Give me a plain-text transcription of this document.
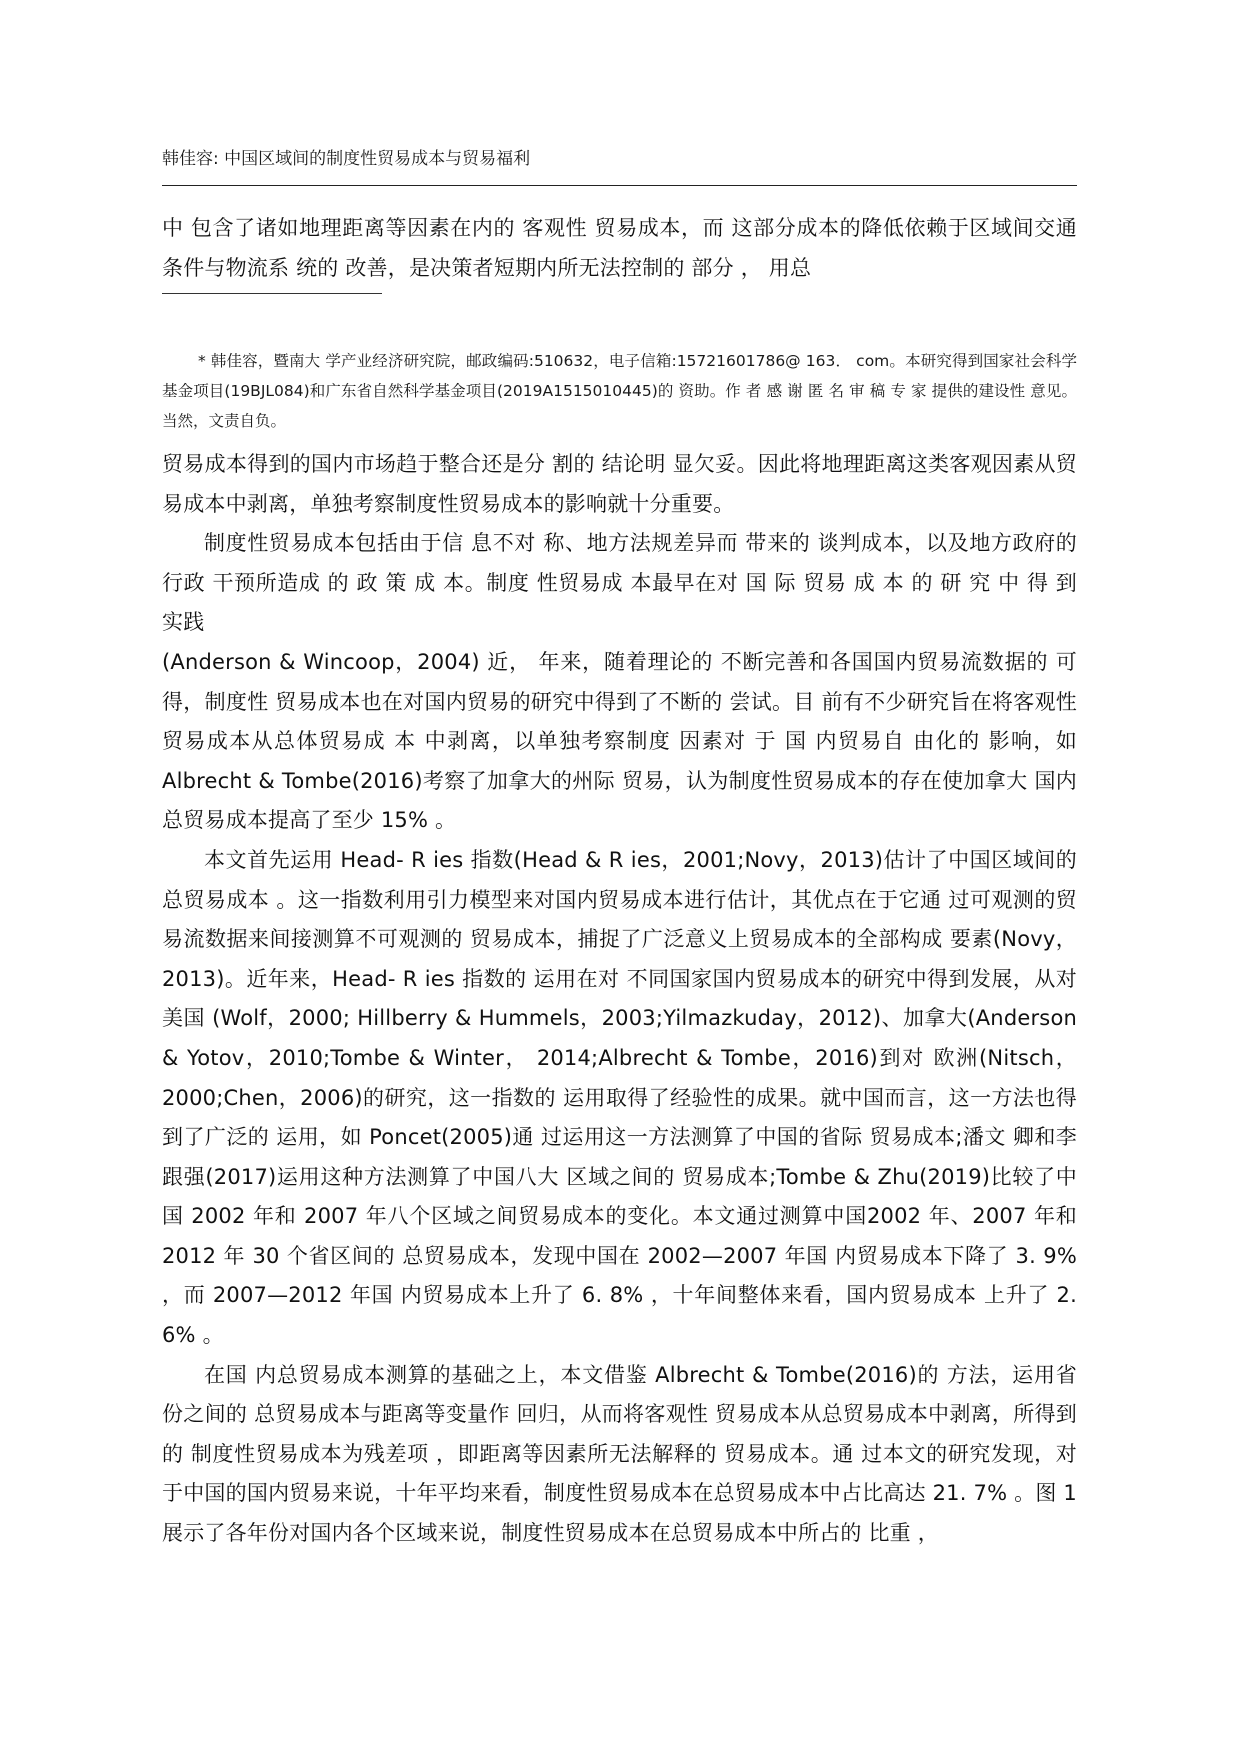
韩佳容: 中国区域间的制度性贸易成本与贸易福利

中 包含了诸如地理距离等因素在内的 客观性 贸易成本，而 这部分成本的降低依赖于区域间交通 条件与物流系 统的 改善，是决策者短期内所无法控制的 部分 ， 用总

* 韩佳容，暨南大 学产业经济研究院，邮政编码:510632，电子信箱:15721601786@ 163． com。本研究得到国家社会科学基金项目(19BJL084)和广东省自然科学基金项目(2019A1515010445)的 资助。作 者 感 谢 匿 名 审 稿 专 家 提供的建设性 意见。当然，文责自负。

贸易成本得到的国内市场趋于整合还是分 割的 结论明 显欠妥。因此将地理距离这类客观因素从贸易成本中剥离，单独考察制度性贸易成本的影响就十分重要。

制度性贸易成本包括由于信 息不对 称、地方法规差异而 带来的 谈判成本，以及地方政府的行政 干预所造成 的 政 策 成 本。制度 性贸易成 本最早在对 国 际 贸易 成 本 的 研 究 中 得 到实践

(Anderson & Wincoop，2004) 近， 年来，随着理论的 不断完善和各国国内贸易流数据的 可得，制度性 贸易成本也在对国内贸易的研究中得到了不断的 尝试。目 前有不少研究旨在将客观性 贸易成本从总体贸易成 本 中剥离，以单独考察制度 因素对 于 国 内贸易自 由化的 影响，如 Albrecht & Tombe(2016)考察了加拿大的州际 贸易，认为制度性贸易成本的存在使加拿大 国内总贸易成本提高了至少 15% 。

本文首先运用 Head- R ies 指数(Head & R ies，2001;Novy，2013)估计了中国区域间的总贸易成本 。这一指数利用引力模型来对国内贸易成本进行估计，其优点在于它通 过可观测的贸易流数据来间接测算不可观测的 贸易成本，捕捉了广泛意义上贸易成本的全部构成 要素(Novy，2013)。近年来，Head- R ies 指数的 运用在对 不同国家国内贸易成本的研究中得到发展，从对美国 (Wolf，2000; Hillberry & Hummels，2003;Yilmazkuday，2012)、加拿大(Anderson & Yotov，2010;Tombe & Winter， 2014;Albrecht & Tombe，2016)到对 欧洲(Nitsch，2000;Chen，2006)的研究，这一指数的 运用取得了经验性的成果。就中国而言，这一方法也得到了广泛的 运用，如 Poncet(2005)通 过运用这一方法测算了中国的省际 贸易成本;潘文 卿和李跟强(2017)运用这种方法测算了中国八大 区域之间的 贸易成本;Tombe & Zhu(2019)比较了中国 2002 年和 2007 年八个区域之间贸易成本的变化。本文通过测算中国2002 年、2007 年和 2012 年 30 个省区间的 总贸易成本，发现中国在 2002—2007 年国 内贸易成本下降了 3. 9% ，而 2007—2012 年国 内贸易成本上升了 6. 8% ，十年间整体来看，国内贸易成本 上升了 2. 6% 。

在国 内总贸易成本测算的基础之上，本文借鉴 Albrecht & Tombe(2016)的 方法，运用省份之间的 总贸易成本与距离等变量作 回归，从而将客观性 贸易成本从总贸易成本中剥离，所得到的 制度性贸易成本为残差项 ，即距离等因素所无法解释的 贸易成本。通 过本文的研究发现，对 于中国的国内贸易来说，十年平均来看，制度性贸易成本在总贸易成本中占比高达 21. 7% 。图 1 展示了各年份对国内各个区域来说，制度性贸易成本在总贸易成本中所占的 比重 ，
